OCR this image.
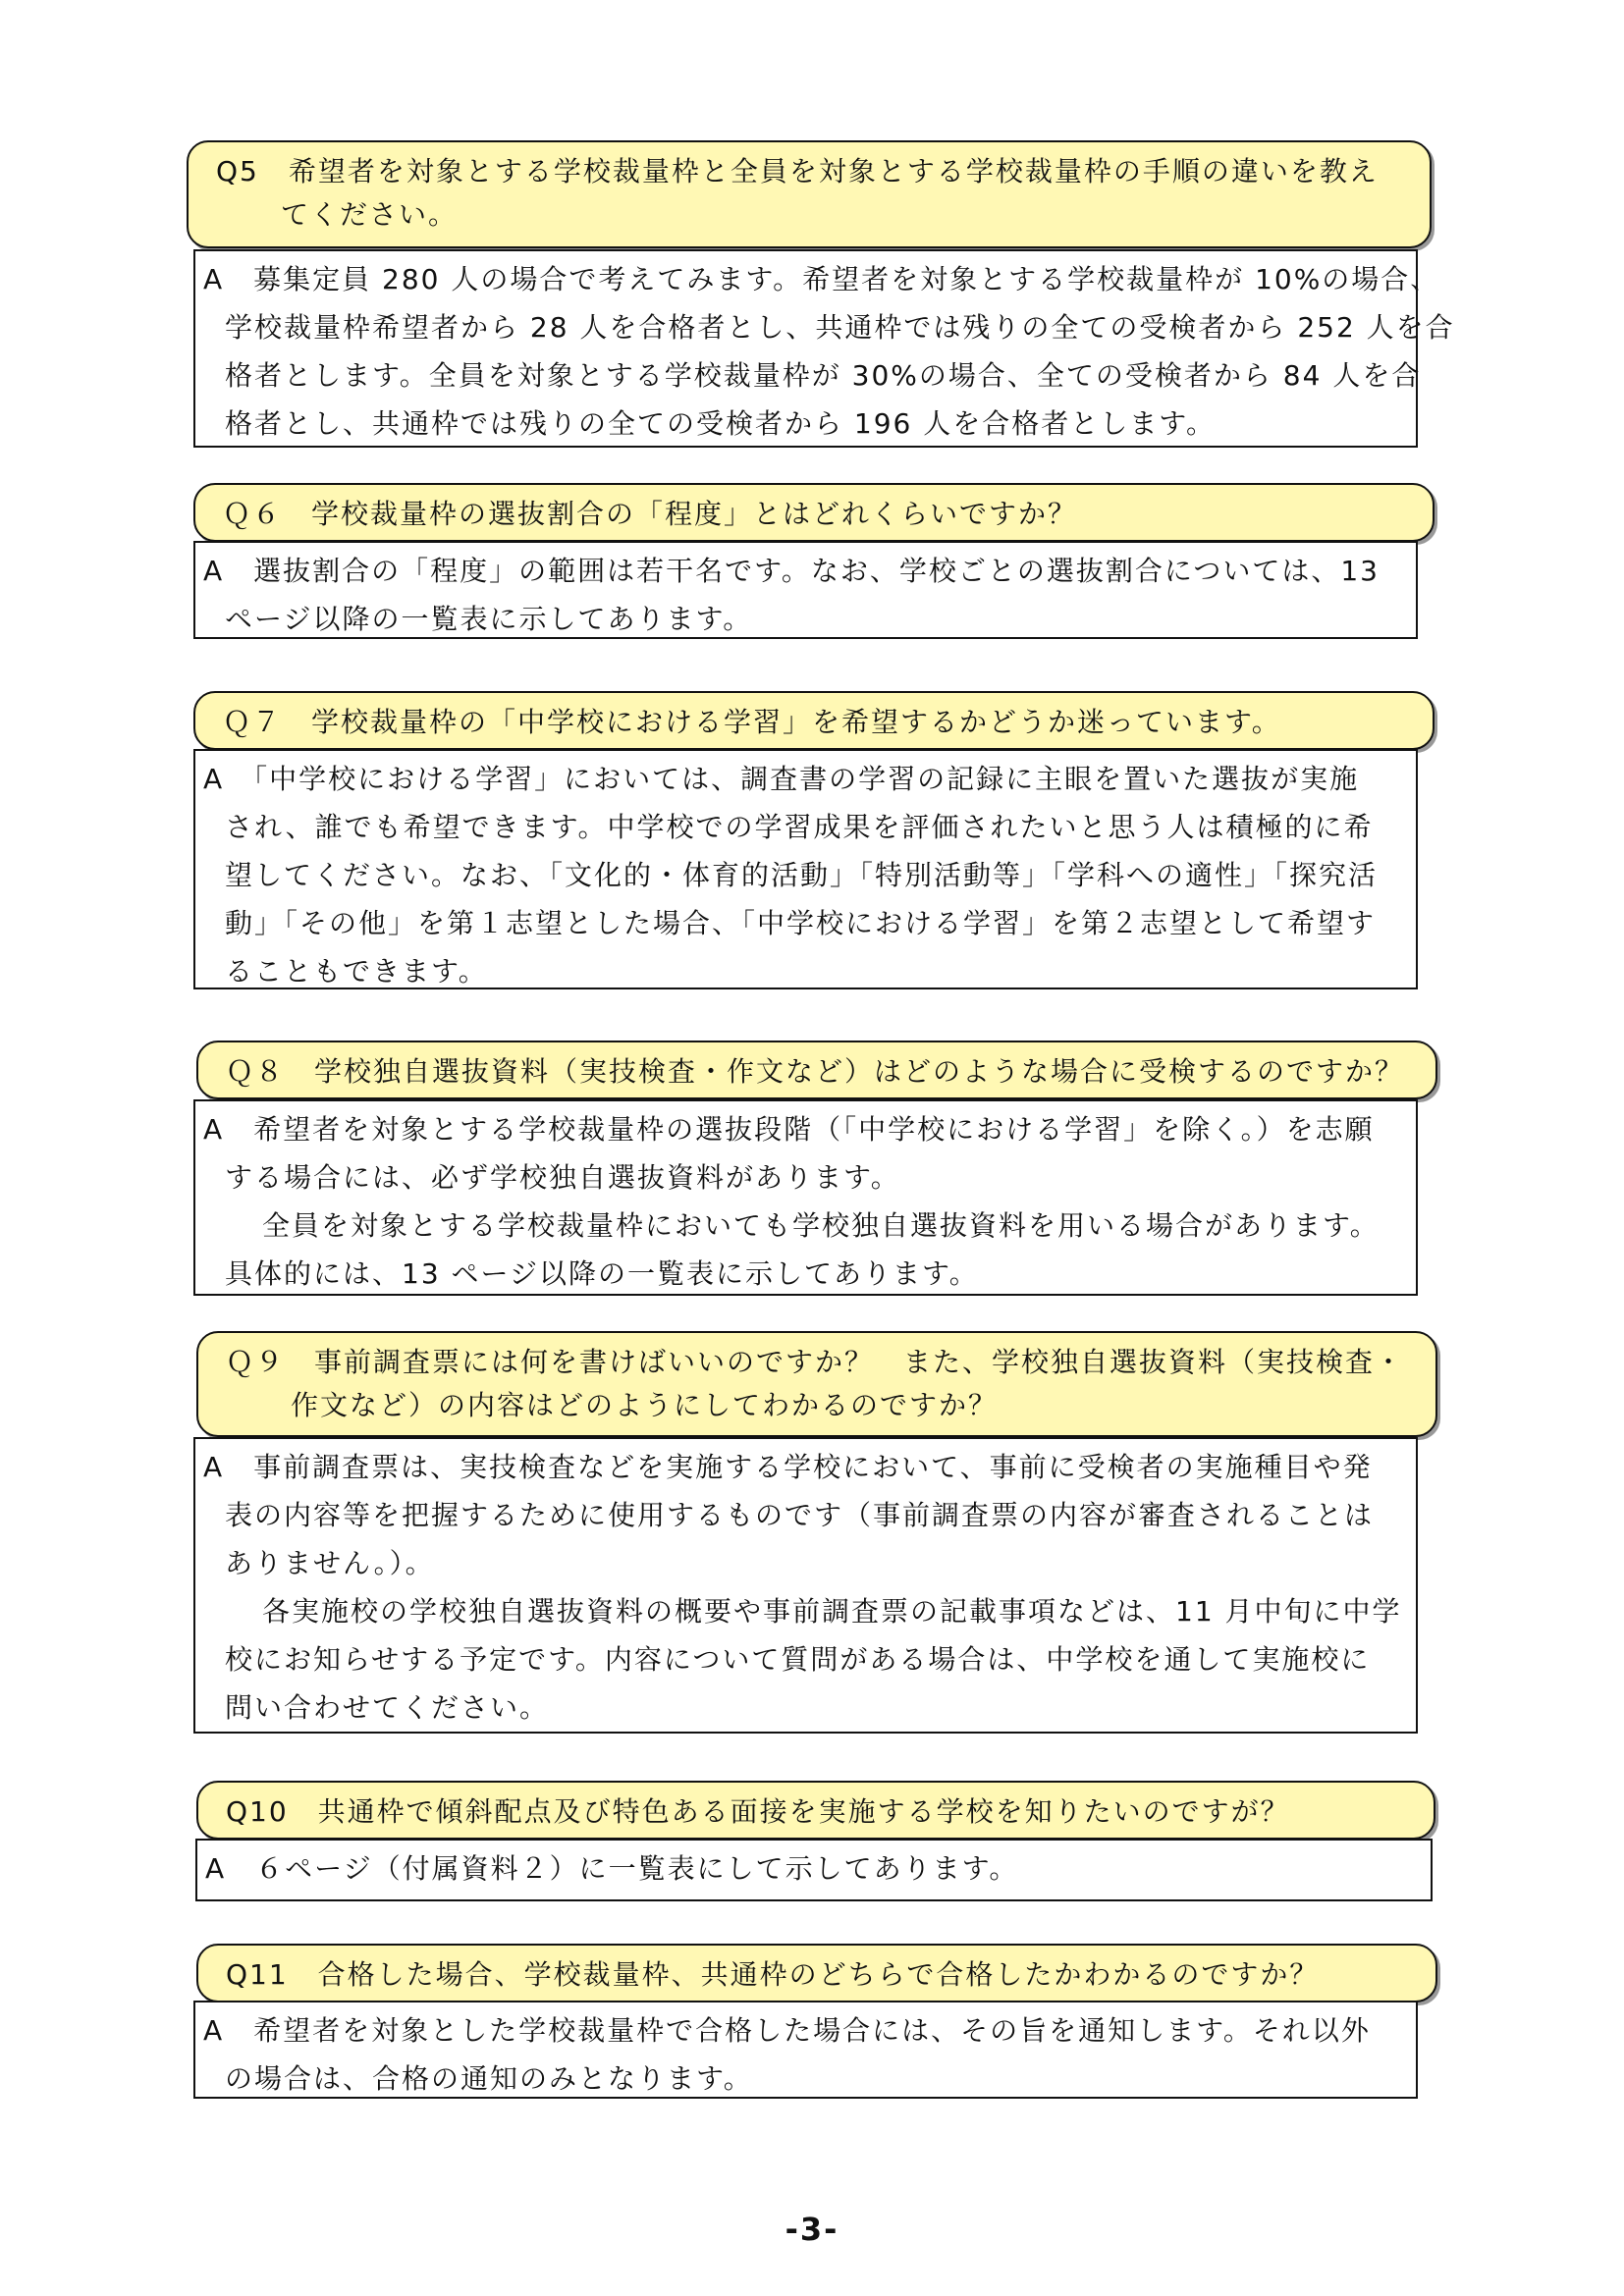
Q5　希望者を対象とする学校裁量枠と全員を対象とする学校裁量枠の手順の違いを教え
てください。
A　募集定員 280 人の場合で考えてみます。希望者を対象とする学校裁量枠が 10%の場合、
学校裁量枠希望者から 28 人を合格者とし、共通枠では残りの全ての受検者から 252 人を合
格者とします。全員を対象とする学校裁量枠が 30%の場合、全ての受検者から 84 人を合
格者とし、共通枠では残りの全ての受検者から 196 人を合格者とします。
Ｑ６　学校裁量枠の選抜割合の「程度」とはどれくらいですか？
A　選抜割合の「程度」の範囲は若干名です。なお、学校ごとの選抜割合については、13
ページ以降の一覧表に示してあります。
Ｑ７　学校裁量枠の「中学校における学習」を希望するかどうか迷っています。
A　「中学校における学習」においては、調査書の学習の記録に主眼を置いた選抜が実施
され、誰でも希望できます。中学校での学習成果を評価されたいと思う人は積極的に希
望してください。なお、「文化的・体育的活動」「特別活動等」「学科への適性」「探究活
動」「その他」を第１志望とした場合、「中学校における学習」を第２志望として希望す
ることもできます。
Ｑ８　学校独自選抜資料（実技検査・作文など）はどのような場合に受検するのですか？
A　希望者を対象とする学校裁量枠の選抜段階（「中学校における学習」を除く。）を志願
する場合には、必ず学校独自選抜資料があります。
全員を対象とする学校裁量枠においても学校独自選抜資料を用いる場合があります。
具体的には、13 ページ以降の一覧表に示してあります。
Ｑ９　事前調査票には何を書けばいいのですか？　また、学校独自選抜資料（実技検査・
作文など）の内容はどのようにしてわかるのですか？
A　事前調査票は、実技検査などを実施する学校において、事前に受検者の実施種目や発
表の内容等を把握するために使用するものです（事前調査票の内容が審査されることは
ありません。）。
各実施校の学校独自選抜資料の概要や事前調査票の記載事項などは、11 月中旬に中学
校にお知らせする予定です。内容について質問がある場合は、中学校を通して実施校に
問い合わせてください。
Q10　共通枠で傾斜配点及び特色ある面接を実施する学校を知りたいのですが？
A　６ページ（付属資料２）に一覧表にして示してあります。
Q11　合格した場合、学校裁量枠、共通枠のどちらで合格したかわかるのですか？
A　希望者を対象とした学校裁量枠で合格した場合には、その旨を通知します。それ以外
の場合は、合格の通知のみとなります。
-3-
